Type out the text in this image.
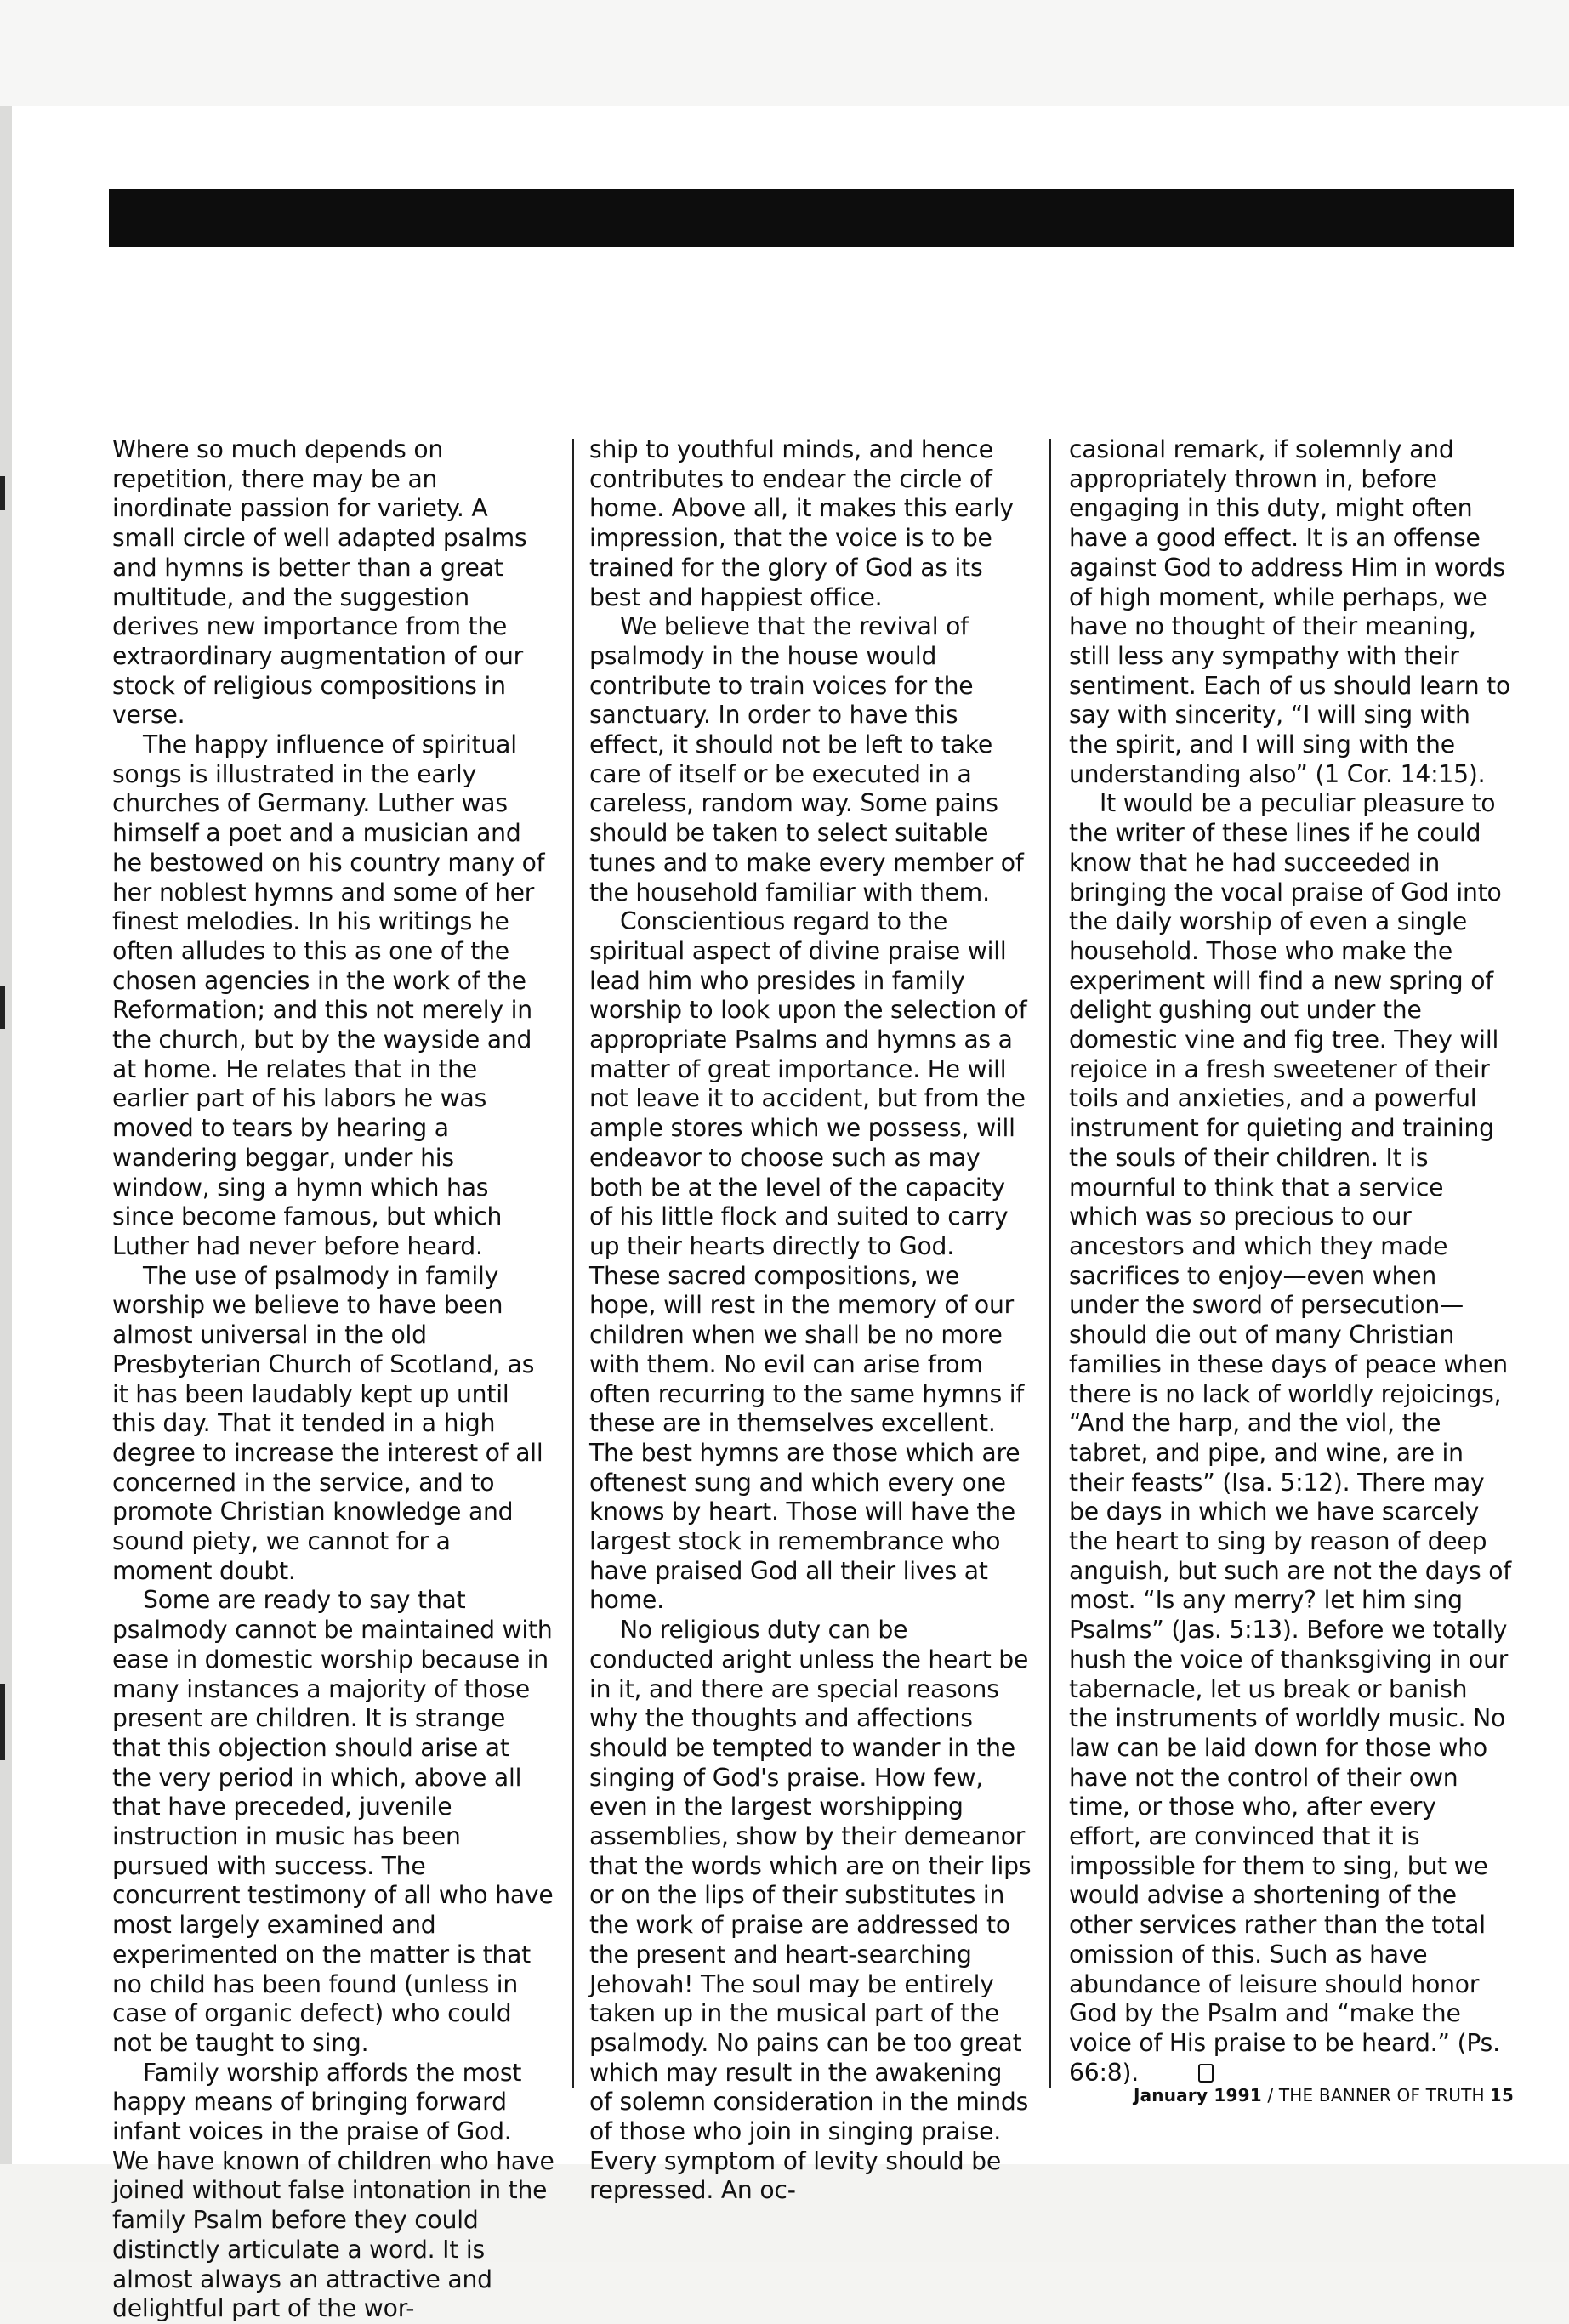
Where so much depends on repetition, there may be an inordinate passion for variety. A small circle of well adapted psalms and hymns is better than a great multitude, and the suggestion derives new importance from the extraordinary augmentation of our stock of religious compositions in verse.

The happy influence of spiritual songs is illustrated in the early churches of Germany. Luther was himself a poet and a musician and he bestowed on his country many of her noblest hymns and some of her finest melodies. In his writings he often alludes to this as one of the chosen agencies in the work of the Reformation; and this not merely in the church, but by the wayside and at home. He relates that in the earlier part of his labors he was moved to tears by hearing a wandering beggar, under his window, sing a hymn which has since become famous, but which Luther had never before heard.

The use of psalmody in family worship we believe to have been almost universal in the old Presbyterian Church of Scotland, as it has been laudably kept up until this day. That it tended in a high degree to increase the interest of all concerned in the service, and to promote Christian knowledge and sound piety, we cannot for a moment doubt.

Some are ready to say that psalmody cannot be maintained with ease in domestic worship because in many instances a majority of those present are children. It is strange that this objection should arise at the very period in which, above all that have preceded, juvenile instruction in music has been pursued with success. The concurrent testimony of all who have most largely examined and experimented on the matter is that no child has been found (unless in case of organic defect) who could not be taught to sing.

Family worship affords the most happy means of bringing forward infant voices in the praise of God. We have known of children who have joined without false intonation in the family Psalm before they could distinctly articulate a word. It is almost always an attractive and delightful part of the wor-

ship to youthful minds, and hence contributes to endear the circle of home. Above all, it makes this early impression, that the voice is to be trained for the glory of God as its best and happiest office.

We believe that the revival of psalmody in the house would contribute to train voices for the sanctuary. In order to have this effect, it should not be left to take care of itself or be executed in a careless, random way. Some pains should be taken to select suitable tunes and to make every member of the household familiar with them.

Conscientious regard to the spiritual aspect of divine praise will lead him who presides in family worship to look upon the selection of appropriate Psalms and hymns as a matter of great importance. He will not leave it to accident, but from the ample stores which we possess, will endeavor to choose such as may both be at the level of the capacity of his little flock and suited to carry up their hearts directly to God. These sacred compositions, we hope, will rest in the memory of our children when we shall be no more with them. No evil can arise from often recurring to the same hymns if these are in themselves excellent. The best hymns are those which are oftenest sung and which every one knows by heart. Those will have the largest stock in remembrance who have praised God all their lives at home.

No religious duty can be conducted aright unless the heart be in it, and there are special reasons why the thoughts and affections should be tempted to wander in the singing of God's praise. How few, even in the largest worshipping assemblies, show by their demeanor that the words which are on their lips or on the lips of their substitutes in the work of praise are addressed to the present and heart-searching Jehovah! The soul may be entirely taken up in the musical part of the psalmody. No pains can be too great which may result in the awakening of solemn consideration in the minds of those who join in singing praise. Every symptom of levity should be repressed. An oc-

casional remark, if solemnly and appropriately thrown in, before engaging in this duty, might often have a good effect. It is an offense against God to address Him in words of high moment, while perhaps, we have no thought of their meaning, still less any sympathy with their sentiment. Each of us should learn to say with sincerity, “I will sing with the spirit, and I will sing with the understanding also” (1 Cor. 14:15).

It would be a peculiar pleasure to the writer of these lines if he could know that he had succeeded in bringing the vocal praise of God into the daily worship of even a single household. Those who make the experiment will find a new spring of delight gushing out under the domestic vine and fig tree. They will rejoice in a fresh sweetener of their toils and anxieties, and a powerful instrument for quieting and training the souls of their children. It is mournful to think that a service which was so precious to our ancestors and which they made sacrifices to enjoy—even when under the sword of persecution—should die out of many Christian families in these days of peace when there is no lack of worldly rejoicings, “And the harp, and the viol, the tabret, and pipe, and wine, are in their feasts” (Isa. 5:12). There may be days in which we have scarcely the heart to sing by reason of deep anguish, but such are not the days of most. “Is any merry? let him sing Psalms” (Jas. 5:13). Before we totally hush the voice of thanksgiving in our tabernacle, let us break or banish the instruments of worldly music. No law can be laid down for those who have not the control of their own time, or those who, after every effort, are convinced that it is impossible for them to sing, but we would advise a shortening of the other services rather than the total omission of this. Such as have abundance of leisure should honor God by the Psalm and “make the voice of His praise to be heard.” (Ps. 66:8).

January 1991 / THE BANNER OF TRUTH 15
